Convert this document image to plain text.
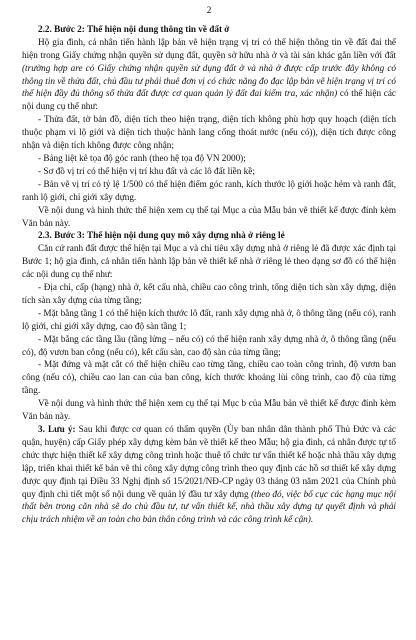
2

2.2. Bước 2: Thể hiện nội dung thông tin về đất ở

Hộ gia đình, cá nhân tiến hành lập bản vẽ hiện trạng vị trí có thể hiện thông tin về đất đai thể hiện trong Giấy chứng nhận quyền sử dụng đất, quyền sở hữu nhà ở và tài sản khác gắn liền với đất (trường hợp are có Giấy chứng nhận quyền sử dụng đất ở và nhà ở được cấp trước đây không có thông tin về thửa đất, chủ đầu tư phải thuê đơn vị có chức năng đo đạc lập bản vẽ hiện trạng vị trí có thể hiện đầy đủ thông số thửa đất được cơ quan quản lý đất đai kiểm tra, xác nhận) có thể hiện các nội dung cụ thể như:

- Thửa đất, tờ bản đồ, diện tích theo hiện trạng, diện tích không phù hợp quy hoạch (diện tích thuộc phạm vi lộ giới và diện tích thuộc hành lang cống thoát nước (nếu có)), diện tích được công nhận và diện tích không được công nhận;

- Bảng liệt kê tọa độ góc ranh (theo hệ tọa độ VN 2000);

- Sơ đồ vị trí có thể hiện vị trí khu đất và các lô đất liền kề;

- Bản vẽ vị trí có tỷ lệ 1/500 có thể hiện điểm góc ranh, kích thước lộ giới hoặc hẻm và ranh đất, ranh lộ giới, chỉ giới xây dựng.

Về nội dung và hình thức thể hiện xem cụ thể tại Mục a của Mẫu bản vẽ thiết kế được đính kèm Văn bản này.

2.3. Bước 3: Thể hiện nội dung quy mô xây dựng nhà ở riêng lẻ

Căn cứ ranh đất được thể hiện tại Mục a và chỉ tiêu xây dựng nhà ở riêng lẻ đã được xác định tại Bước 1; hộ gia đình, cá nhân tiến hành lập bản vẽ thiết kế nhà ở riêng lẻ theo dạng sơ đồ có thể hiện các nội dung cụ thể như:

- Địa chỉ, cấp (hạng) nhà ở, kết cấu nhà, chiều cao công trình, tổng diện tích sàn xây dựng, diện tích sàn xây dựng của từng tầng;

- Mặt bằng tầng 1 có thể hiện kích thước lô đất, ranh xây dựng nhà ở, ô thông tầng (nếu có), ranh lộ giới, chỉ giới xây dựng, cao độ sàn tầng 1;

- Mặt bằng các tầng lầu (tầng lửng – nếu có) có thể hiện ranh xây dựng nhà ở, ô thông tầng (nếu có), độ vươn ban công (nếu có), kết cấu sàn, cao độ sàn của từng tầng;

- Mặt đứng và mặt cắt có thể hiện chiều cao từng tầng, chiều cao toàn công trình, độ vươn ban công (nếu có), chiều cao lan can của ban công, kích thước khoảng lùi công trình, cao độ của từng tầng.

Về nội dung và hình thức thể hiện xem cụ thể tại Mục b của Mẫu bản vẽ thiết kế được đính kèm Văn bản này.

3. Lưu ý: Sau khi được cơ quan có thẩm quyền (Ủy ban nhân dân thành phố Thủ Đức và các quận, huyện) cấp Giấy phép xây dựng kèm bản vẽ thiết kế theo Mẫu; hộ gia đình, cá nhân được tự tổ chức thực hiện thiết kế xây dựng công trình hoặc thuê tổ chức tư vấn thiết kế hoặc nhà thầu xây dựng lập, triển khai thiết kế bản vẽ thi công xây dựng công trình theo quy định các hồ sơ thiết kế xây dựng được quy định tại Điều 33 Nghị định số 15/2021/NĐ-CP ngày 03 tháng 03 năm 2021 của Chính phủ quy định chi tiết một số nội dung về quản lý đầu tư xây dựng (theo đó, việc bố cục các hạng mục nội thất bên trong căn nhà sẽ do chủ đầu tư, tư vấn thiết kế, nhà thầu xây dựng tự quyết định và phải chịu trách nhiệm về an toàn cho bản thân công trình và các công trình kế cận).
